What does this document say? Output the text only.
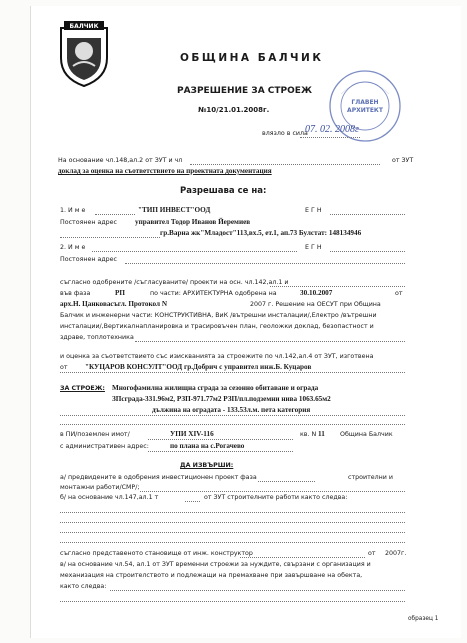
БАЛЧИК
ОБЩИНА БАЛЧИК
РАЗРЕШЕНИЕ ЗА СТРОЕЖ
№10/21.01.2008г.
ГЛАВЕН
АРХИТЕКТ
влязло в сила
07. 02. 2008г
На основание чл.148,ал.2 от ЗУТ и чл	от ЗУТ
доклад за оценка на съответствието на проектната документация
Разрешава се на:
1. И м е	"ТИП ИНВЕСТ"ООД	Е Г Н
Постоянен адрес управител Тодор Иванов Йеремиев
гр.Варна жк"Младост"113,вх.5, ет.1, ап.73 Булстат: 148134946
2. И м е	Е Г Н
Постоянен адрес
съгласно одобрените /съгласуваните/ проекти на осн. чл.142,ал.1 и
във фаза	РП	по части: АРХИТЕКТУРНА одобрена на	30.10.2007	от
арх.Н. Цанковасъгл. Протокол N	2007 г. Решение на ОЕСУТ при Община
Балчик и инженерни части: КОНСТРУКТИВНА, ВиК /вътрешни инсталации/,Електро /вътрешни
инсталации/,Вертикалнапланировка и трасировъчен план, геоложки доклад, безопастност и
здраве, топлотехника
и оценка за съответствието със изискванията за строежите по чл.142,ал.4 от ЗУТ, изготвена
от "КУЦАРОВ КОНСУЛТ"ООД гр.Добрич с управител инж.Б. Куцаров
ЗА СТРОЕЖ: Многофамилна жилищна сграда за сезонно обитаване и ограда
ЗПсграда-331.96м2, РЗП-971.77м2 РЗП/пл.подземни нива 1063.65м2
дължина на оградата - 133.53л.м. пета категория
в ПИ/поземлен имот/	УПИ XIV-116	кв. N 11 Община Балчик
с административен адрес:	по плана на с.Рогачево
ДА ИЗВЪРШИ:
а/ предвидените в одобрения инвестиционен проект фаза	строителни и
монтажни работи/СМР/;
б/ на основание чл.147,ал.1 т	от ЗУТ строителните работи както следва:
съгласно представеното становище от инж. конструктор	от 2007г.
в/ на основание чл.54, ал.1 от ЗУТ временни строежи за нуждите, свързани с организация и
механизация на строителството и подлежащи на премахване при завършване на обекта,
както следва:
образец 1
